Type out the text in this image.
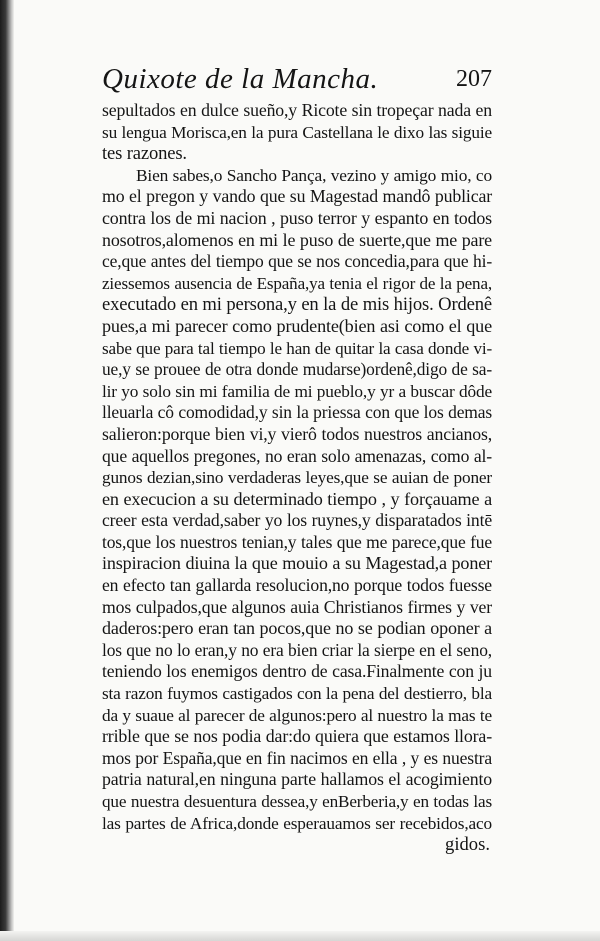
Quixote de la Mancha.	207
sepultados en dulce sueño,y Ricote sin tropeçar nada en
su lengua Morisca,en la pura Castellana le dixo las siguie
tes razones.
Bien sabes,o Sancho Pança, vezino y amigo mio, co
mo el pregon y vando que su Magestad mandô publicar
contra los de mi nacion , puso terror y espanto en todos
nosotros,alomenos en mi le puso de suerte,que me pare
ce,que antes del tiempo que se nos concedia,para que hi-
ziessemos ausencia de España,ya tenia el rigor de la pena,
executado en mi persona,y en la de mis hijos. Ordenê
pues,a mi parecer como prudente(bien asi como el que
sabe que para tal tiempo le han de quitar la casa donde vi-
ue,y se prouee de otra donde mudarse)ordenê,digo de sa-
lir yo solo sin mi familia de mi pueblo,y yr a buscar dôde
lleuarla cô comodidad,y sin la priessa con que los demas
salieron:porque bien vi,y vierô todos nuestros ancianos,
que aquellos pregones, no eran solo amenazas, como al-
gunos dezian,sino verdaderas leyes,que se auian de poner
en execucion a su determinado tiempo , y forçauame a
creer esta verdad,saber yo los ruynes,y disparatados intē
tos,que los nuestros tenian,y tales que me parece,que fue
inspiracion diuina la que mouio a su Magestad,a poner
en efecto tan gallarda resolucion,no porque todos fuesse
mos culpados,que algunos auia Christianos firmes y ver
daderos:pero eran tan pocos,que no se podian oponer a
los que no lo eran,y no era bien criar la sierpe en el seno,
teniendo los enemigos dentro de casa.Finalmente con ju
sta razon fuymos castigados con la pena del destierro, bla
da y suaue al parecer de algunos:pero al nuestro la mas te
rrible que se nos podia dar:do quiera que estamos llora-
mos por España,que en fin nacimos en ella , y es nuestra
patria natural,en ninguna parte hallamos el acogimiento
que nuestra desuentura dessea,y enBerberia,y en todas las
las partes de Africa,donde esperauamos ser recebidos,aco
gidos.
